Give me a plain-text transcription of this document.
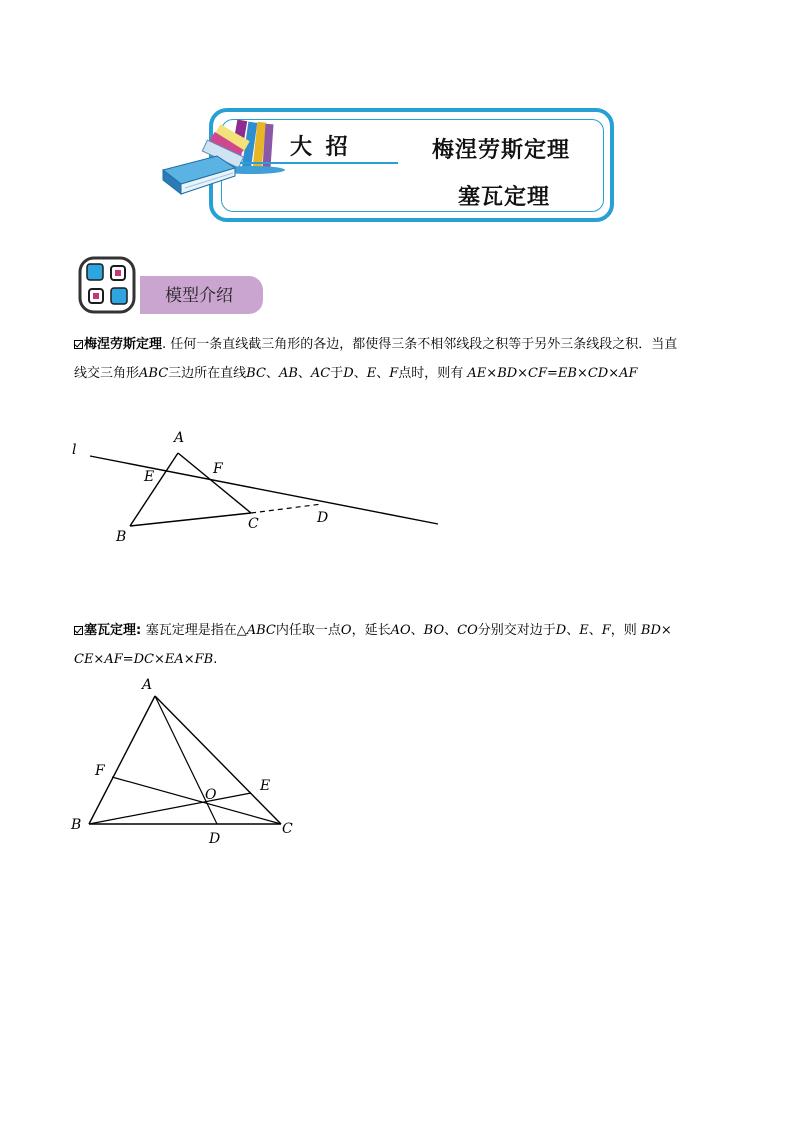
大 招	梅涅劳斯定理
塞瓦定理
模型介绍
梅涅劳斯定理. 任何一条直线截三角形的各边，都使得三条不相邻线段之积等于另外三条线段之积．当直
线交三角形ABC三边所在直线BC、AB、AC于D、E、F点时，则有 AE×BD×CF=EB×CD×AF
l
A
E	F
B
C	D
塞瓦定理: 塞瓦定理是指在△ABC内任取一点O，延长AO、BO、CO分别交对边于D、E、F，则 BD×
CE×AF=DC×EA×FB.
A
F
E
O
B	C
D
